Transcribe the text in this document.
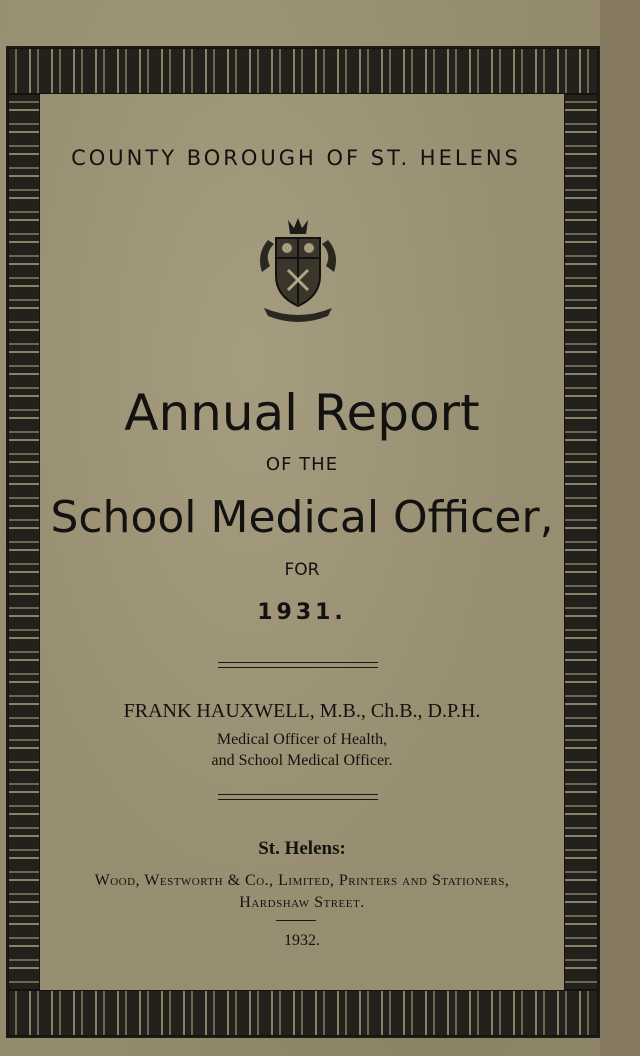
COUNTY BOROUGH OF ST. HELENS
Annual Report
OF THE
School Medical Officer,
FOR
1931.
FRANK HAUXWELL, M.B., Ch.B., D.P.H.
Medical Officer of Health,
and School Medical Officer.
St. Helens:
Wood, Westworth & Co., Limited, Printers and Stationers,
Hardshaw Street.
1932.
